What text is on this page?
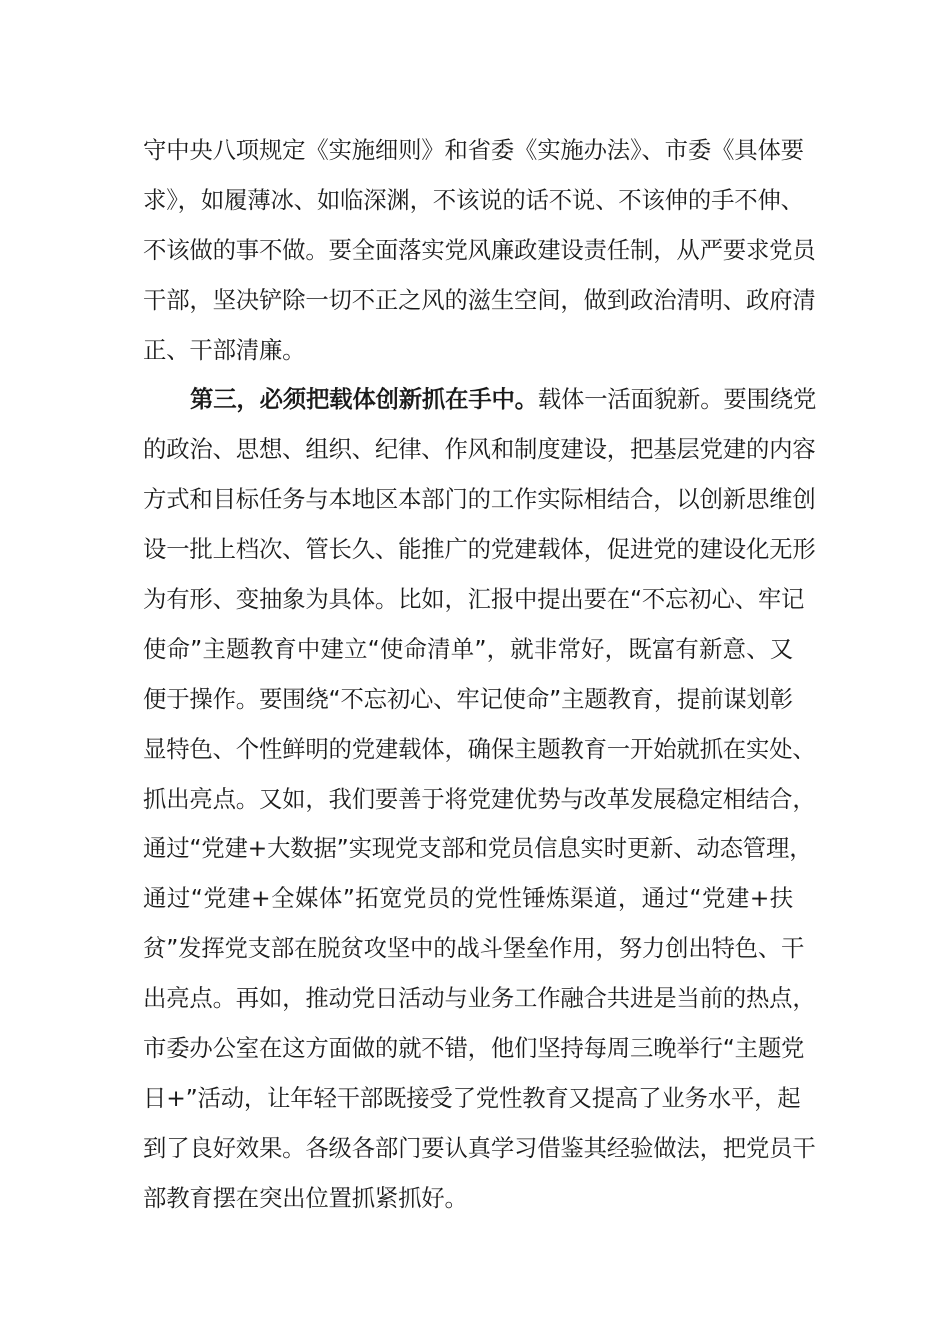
守中央八项规定《实施细则》和省委《实施办法》、市委《具体要
求》，如履薄冰、如临深渊，不该说的话不说、不该伸的手不伸、
不该做的事不做。要全面落实党风廉政建设责任制，从严要求党员
干部，坚决铲除一切不正之风的滋生空间，做到政治清明、政府清
正、干部清廉。
第三，必须把载体创新抓在手中。载体一活面貌新。要围绕党
的政治、思想、组织、纪律、作风和制度建设，把基层党建的内容
方式和目标任务与本地区本部门的工作实际相结合，以创新思维创
设一批上档次、管长久、能推广的党建载体，促进党的建设化无形
为有形、变抽象为具体。比如，汇报中提出要在“不忘初心、牢记
使命”主题教育中建立“使命清单”，就非常好，既富有新意、又
便于操作。要围绕“不忘初心、牢记使命”主题教育，提前谋划彰
显特色、个性鲜明的党建载体，确保主题教育一开始就抓在实处、
抓出亮点。又如，我们要善于将党建优势与改革发展稳定相结合，
通过“党建+大数据”实现党支部和党员信息实时更新、动态管理，
通过“党建+全媒体”拓宽党员的党性锤炼渠道，通过“党建+扶
贫”发挥党支部在脱贫攻坚中的战斗堡垒作用，努力创出特色、干
出亮点。再如，推动党日活动与业务工作融合共进是当前的热点，
市委办公室在这方面做的就不错，他们坚持每周三晚举行“主题党
日+”活动，让年轻干部既接受了党性教育又提高了业务水平，起
到了良好效果。各级各部门要认真学习借鉴其经验做法，把党员干
部教育摆在突出位置抓紧抓好。
